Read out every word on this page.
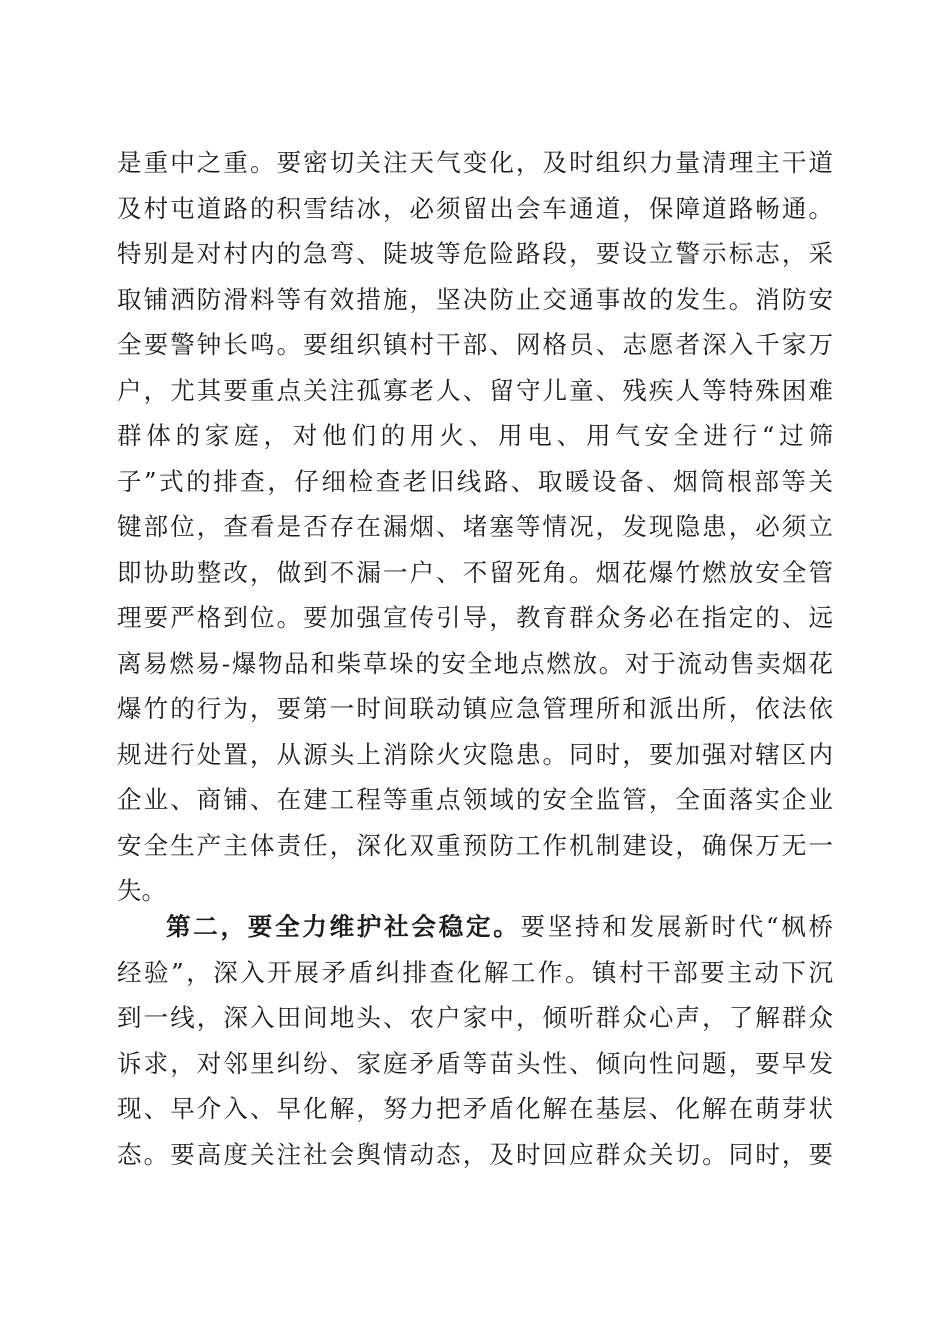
是重中之重。要密切关注天气变化，及时组织力量清理主干道
及村屯道路的积雪结冰，必须留出会车通道，保障道路畅通。
特别是对村内的急弯、陡坡等危险路段，要设立警示标志，采
取铺洒防滑料等有效措施，坚决防止交通事故的发生。消防安
全要警钟长鸣。要组织镇村干部、网格员、志愿者深入千家万
户，尤其要重点关注孤寡老人、留守儿童、残疾人等特殊困难
群体的家庭，对他们的用火、用电、用气安全进行“过筛
子”式的排查，仔细检查老旧线路、取暖设备、烟筒根部等关
键部位，查看是否存在漏烟、堵塞等情况，发现隐患，必须立
即协助整改，做到不漏一户、不留死角。烟花爆竹燃放安全管
理要严格到位。要加强宣传引导，教育群众务必在指定的、远
离易燃易-爆物品和柴草垛的安全地点燃放。对于流动售卖烟花
爆竹的行为，要第一时间联动镇应急管理所和派出所，依法依
规进行处置，从源头上消除火灾隐患。同时，要加强对辖区内
企业、商铺、在建工程等重点领域的安全监管，全面落实企业
安全生产主体责任，深化双重预防工作机制建设，确保万无一
失。
第二，要全力维护社会稳定。要坚持和发展新时代“枫桥
经验”，深入开展矛盾纠排查化解工作。镇村干部要主动下沉
到一线，深入田间地头、农户家中，倾听群众心声，了解群众
诉求，对邻里纠纷、家庭矛盾等苗头性、倾向性问题，要早发
现、早介入、早化解，努力把矛盾化解在基层、化解在萌芽状
态。要高度关注社会舆情动态，及时回应群众关切。同时，要
